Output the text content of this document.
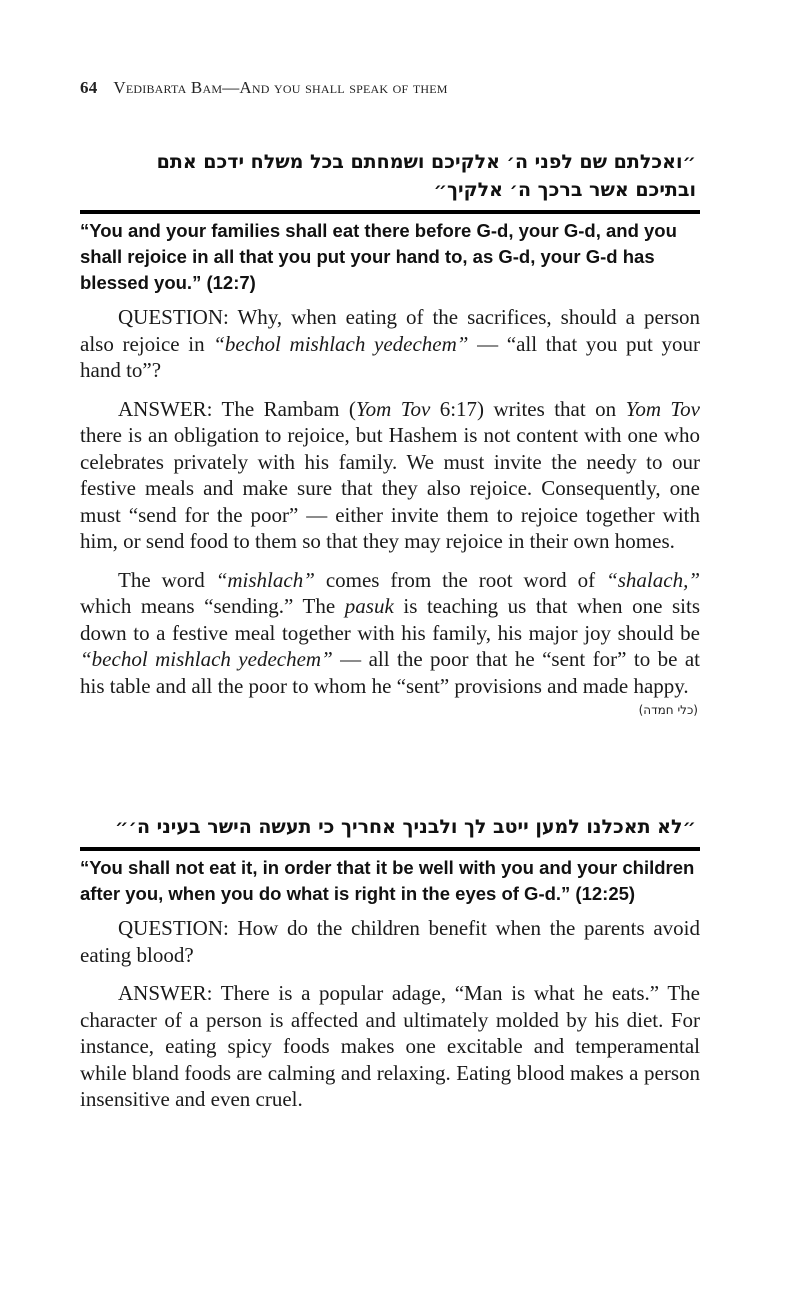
64 Vedibarta Bam—And you shall speak of them
״ואכלתם שם לפני ה׳ אלקיכם ושמחתם בכל משלח ידכם אתם
ובתיכם אשר ברכך ה׳ אלקיך״
“You and your families shall eat there before G-d, your G-d, and you shall rejoice in all that you put your hand to, as G-d, your G-d has blessed you.” (12:7)

QUESTION: Why, when eating of the sacrifices, should a person also rejoice in “bechol mishlach yedechem” — “all that you put your hand to”?

ANSWER: The Rambam (Yom Tov 6:17) writes that on Yom Tov there is an obligation to rejoice, but Hashem is not content with one who celebrates privately with his family. We must invite the needy to our festive meals and make sure that they also rejoice. Consequently, one must “send for the poor” — either invite them to rejoice together with him, or send food to them so that they may rejoice in their own homes.

The word “mishlach” comes from the root word of “shalach,” which means “sending.” The pasuk is teaching us that when one sits down to a festive meal together with his family, his major joy should be “bechol mishlach yedechem” — all the poor that he “sent for” to be at his table and all the poor to whom he “sent” provisions and made happy.

(כלי חמדה)
״לא תאכלנו למען ייטב לך ולבניך אחריך כי תעשה הישר בעיני ה׳״
“You shall not eat it, in order that it be well with you and your children after you, when you do what is right in the eyes of G-d.” (12:25)

QUESTION: How do the children benefit when the parents avoid eating blood?

ANSWER: There is a popular adage, “Man is what he eats.” The character of a person is affected and ultimately molded by his diet. For instance, eating spicy foods makes one excitable and temperamental while bland foods are calming and relaxing. Eating blood makes a person insensitive and even cruel.
